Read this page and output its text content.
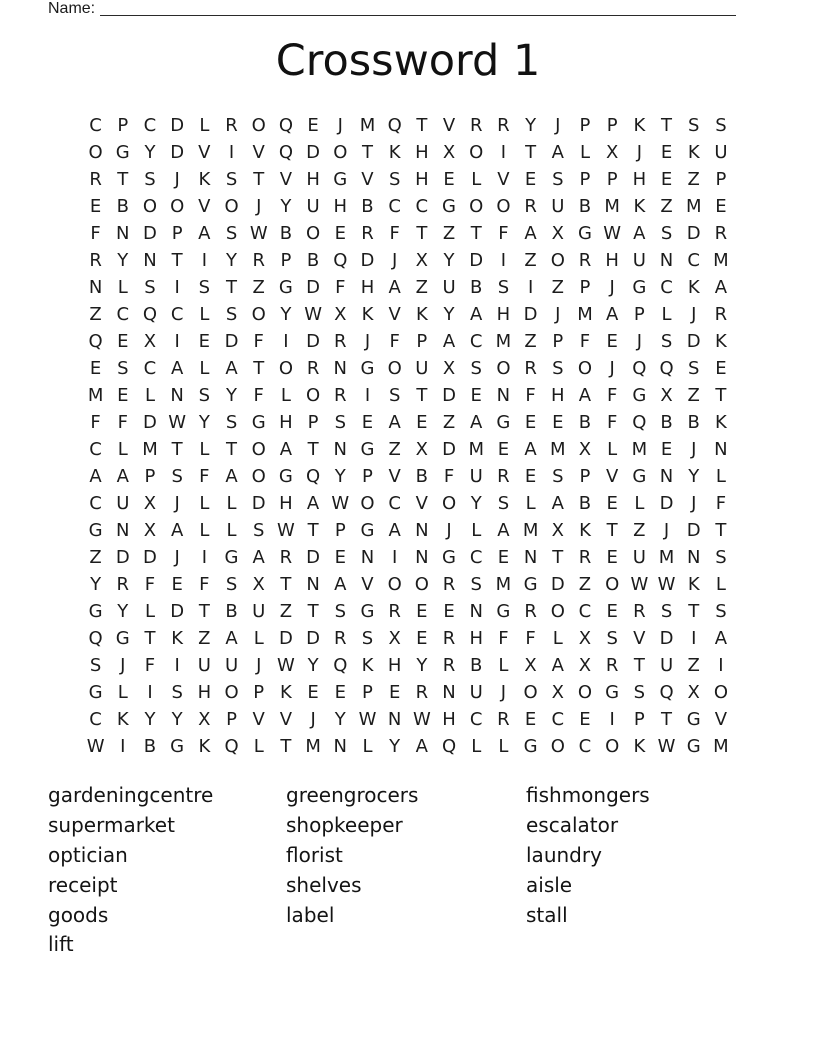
Name:
Crossword 1
C P C D L R O Q E	J M Q T V R R Y	J	P P K T S S
O G Y D V	I	V Q D O T K H X O I	T A L X	J	E K U
R T S	J	K S T V H G V S H E L V E S P P H E Z P
E B O O V O J	Y U H B C C G O O R U B M K Z M E
F N D P A S W B O E R F T Z T F A X G W A S D R
R Y N T	I	Y R P B Q D J	X Y D I	Z O R H U N C M
N L S	I	S T Z G D F H A Z U B S	I	Z P	J G C K A
Z C Q C L S O Y W X K V K Y A H D J M A P L	J	R
Q E X	I	E D F	I D R	J	F P A C M Z P F E	J	S D K
E S C A L A T O R N G O U X S O R S O J Q Q S E
M E L N S Y F L O R	I	S T D E N F H A F G X Z T
F F D W Y S G H P S E A E Z A G E E B F Q B B K
C L M T L T O A T N G Z X D M E A M X L M E	J N
A A P S F A O G Q Y P V B F U R E S P V G N Y L
C U X	J	L L D H A W O C V O Y S L A B E L D J	F
G N X A L L S W T P G A N J	L A M X K T Z	J D T
Z D D J	I G A R D E N I N G C E N T R E U M N S
Y R F E F S X T N A V O O R S M G D Z O W W K L
G Y L D T B U Z T S G R E E N G R O C E R S T S
Q G T K Z A L D D R S X E R H F F L X S V D I	A
S	J	F	I U U J W Y Q K H Y R B L X A X R T U Z	I
G L	I	S H O P K E E P E R N U J O X O G S Q X O
C K Y Y X P V V	J	Y W N W H C R E C E	I	P T G V
W I	B G K Q L T M N L Y A Q L L G O C O K W G M
gardeningcentre
supermarket
optician
receipt
goods
lift
greengrocers
shopkeeper
florist
shelves
label
fishmongers
escalator
laundry
aisle
stall
